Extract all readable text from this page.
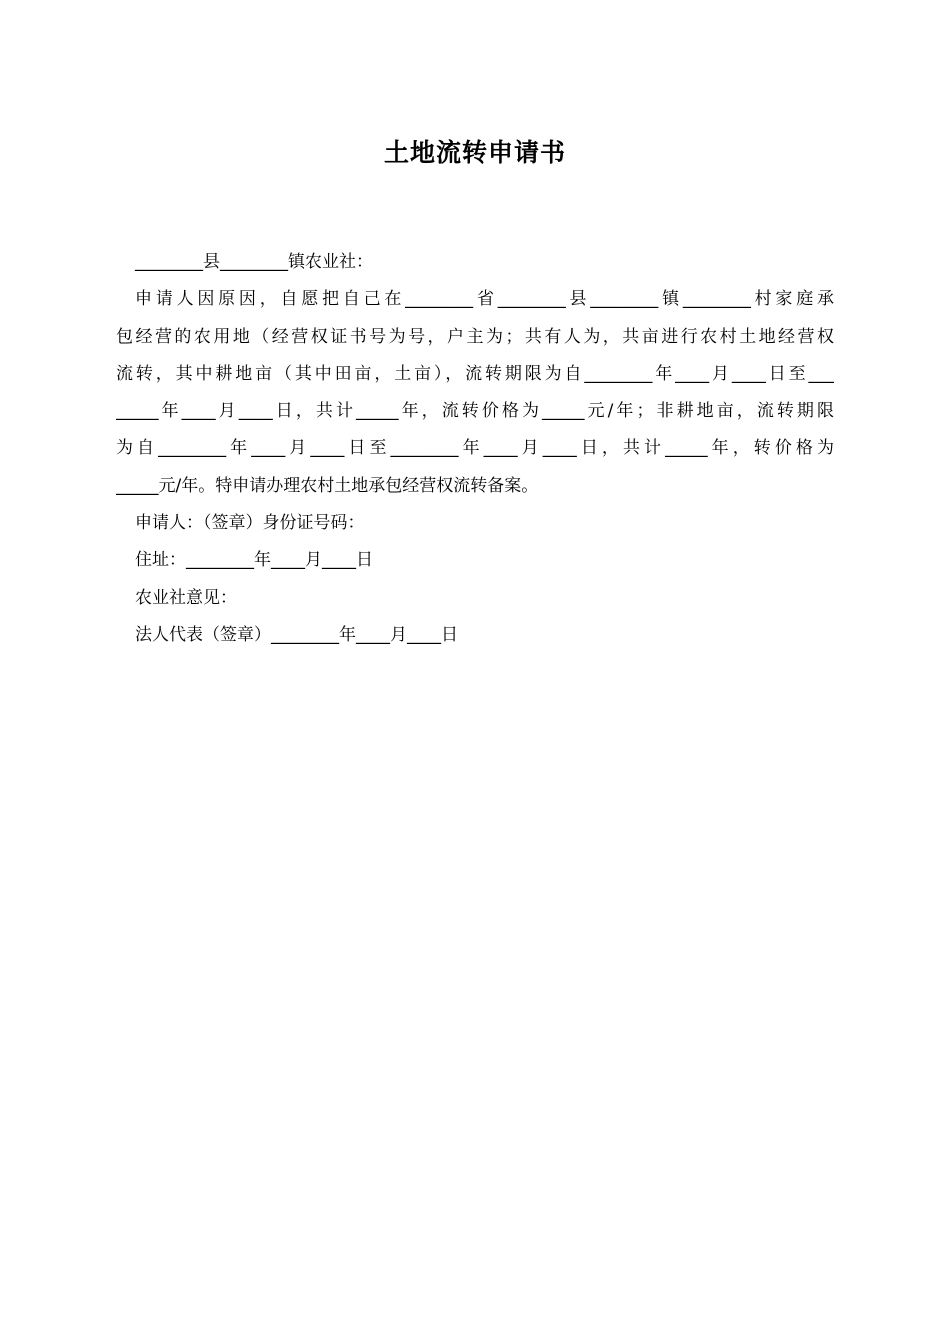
土地流转申请书
________县________镇农业社：
申请人因原因，自愿把自己在________省________县________镇________村家庭承
包经营的农用地（经营权证书号为号，户主为；共有人为，共亩进行农村土地经营权
流转，其中耕地亩（其中田亩，土亩），流转期限为自________年____月____日至___
_____年____月____日，共计_____年，流转价格为_____元/年；非耕地亩，流转期限
为自________年____月____日至________年____月____日，共计_____年，转价格为
_____元/年。特申请办理农村土地承包经营权流转备案。
申请人：（签章）身份证号码：
住址：________年____月____日
农业社意见：
法人代表（签章）________年____月____日
